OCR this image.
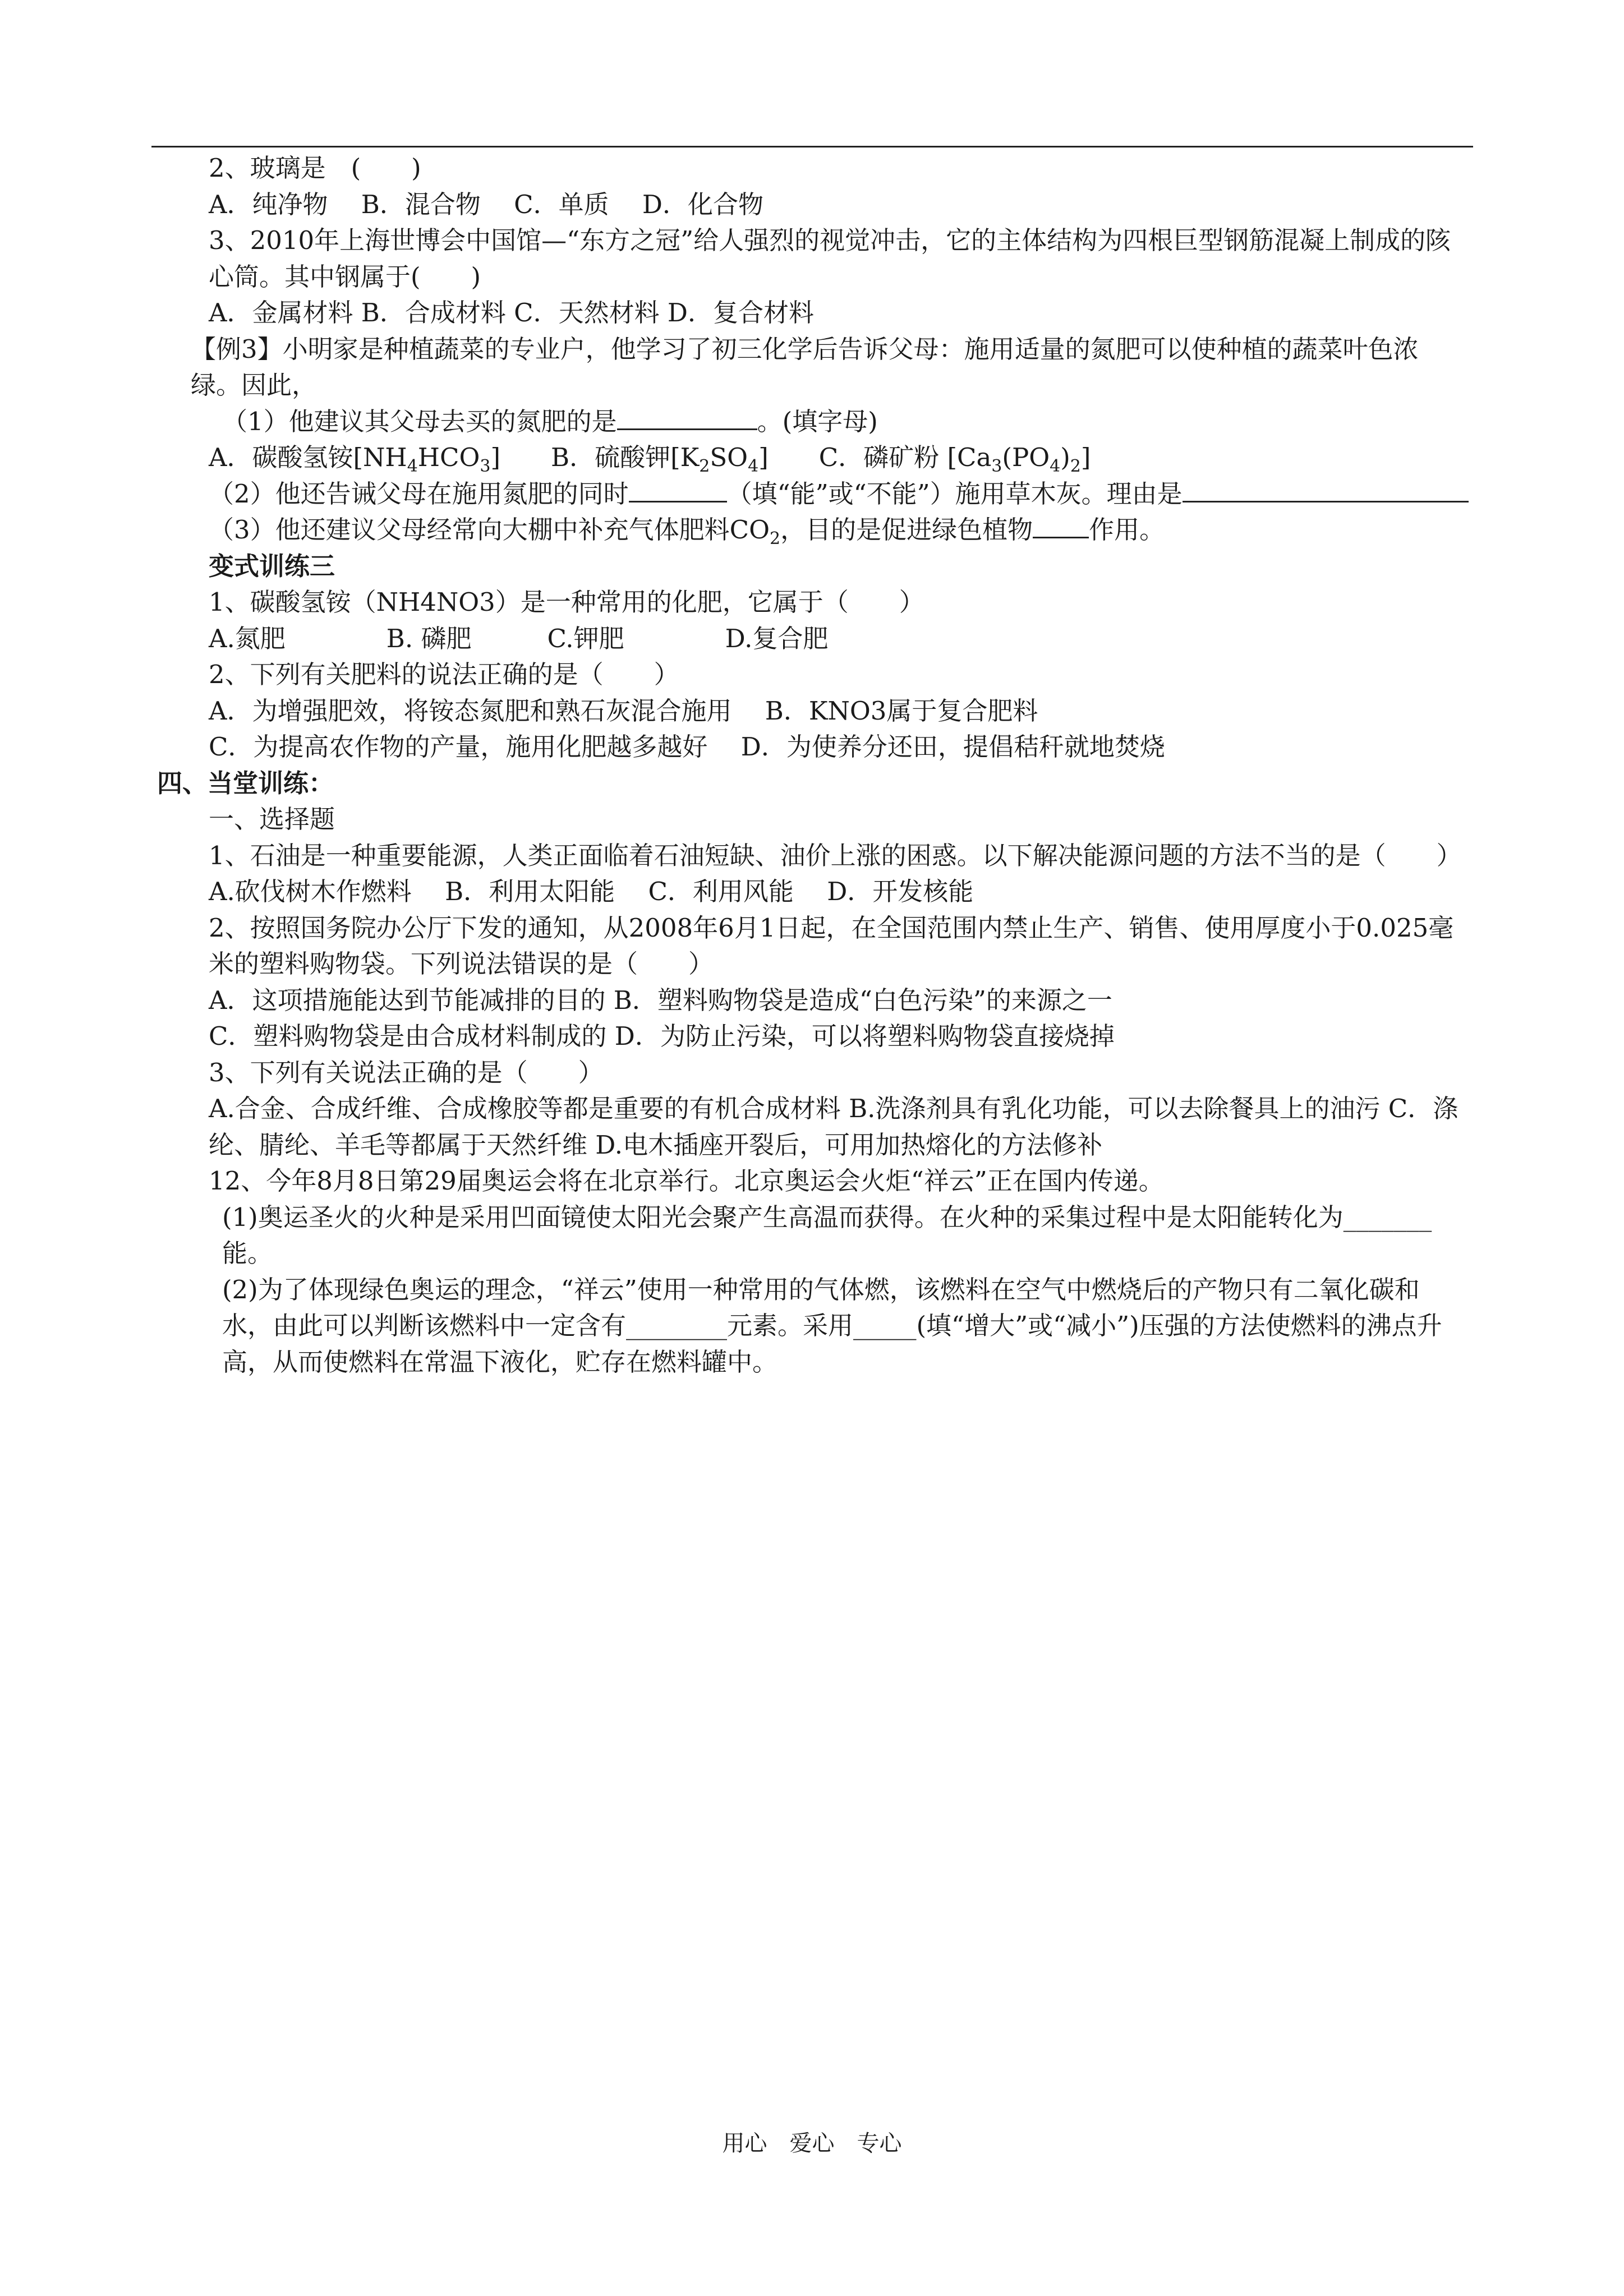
2、玻璃是　(　　)
A．纯净物　 B．混合物　 C．单质　 D．化合物
3、2010年上海世博会中国馆—“东方之冠”给人强烈的视觉冲击，它的主体结构为四根巨型钢筋混凝上制成的陔心筒。其中钢属于(　　)
A．金属材料 B．合成材料 C．天然材料 D．复合材料
【例3】小明家是种植蔬菜的专业户，他学习了初三化学后告诉父母：施用适量的氮肥可以使种植的蔬菜叶色浓绿。因此，
（1）他建议其父母去买的氮肥的是	。(填字母)
A．碳酸氢铵$[NH_4HCO_3]$　　B．硫酸钾$[K_2SO_4]$　　C．磷矿粉 $[Ca_3(PO_4)_2]$
（2）他还告诫父母在施用氮肥的同时	（填“能”或“不能”）施用草木灰。理由是
（3）他还建议父母经常向大棚中补充气体肥料$CO_2$，目的是促进绿色植物 作用。
变式训练三
1、碳酸氢铵（NH4NO3）是一种常用的化肥，它属于（　　）
A.氮肥　　　　B. 磷肥　　　C.钾肥　　　　D.复合肥
2、下列有关肥料的说法正确的是（　　）
A．为增强肥效，将铵态氮肥和熟石灰混合施用　 B．KNO3属于复合肥料
C．为提高农作物的产量，施用化肥越多越好　 D．为使养分还田，提倡秸秆就地焚烧
四、当堂训练：
一、选择题
1、石油是一种重要能源，人类正面临着石油短缺、油价上涨的困惑。以下解决能源问题的方法不当的是（　　）
A.砍伐树木作燃料　 B．利用太阳能　 C．利用风能　 D．开发核能
2、按照国务院办公厅下发的通知，从2008年6月1日起，在全国范围内禁止生产、销售、使用厚度小于0.025毫米的塑料购物袋。下列说法错误的是（　　）
A．这项措施能达到节能减排的目的 B．塑料购物袋是造成“白色污染”的来源之一
C．塑料购物袋是由合成材料制成的 D．为防止污染，可以将塑料购物袋直接烧掉
3、下列有关说法正确的是（　　）
A.合金、合成纤维、合成橡胶等都是重要的有机合成材料 B.洗涤剂具有乳化功能，可以去除餐具上的油污 C．涤纶、腈纶、羊毛等都属于天然纤维 D.电木插座开裂后，可用加热熔化的方法修补
12、今年8月8日第29届奥运会将在北京举行。北京奥运会火炬“祥云”正在国内传递。
(1)奥运圣火的火种是采用凹面镜使太阳光会聚产生高温而获得。在火种的采集过程中是太阳能转化为_______能。
(2)为了体现绿色奥运的理念，“祥云”使用一种常用的气体燃，该燃料在空气中燃烧后的产物只有二氧化碳和水，由此可以判断该燃料中一定含有________元素。采用_____(填“增大”或“减小”)压强的方法使燃料的沸点升高，从而使燃料在常温下液化，贮存在燃料罐中。
用心　爱心　专心
